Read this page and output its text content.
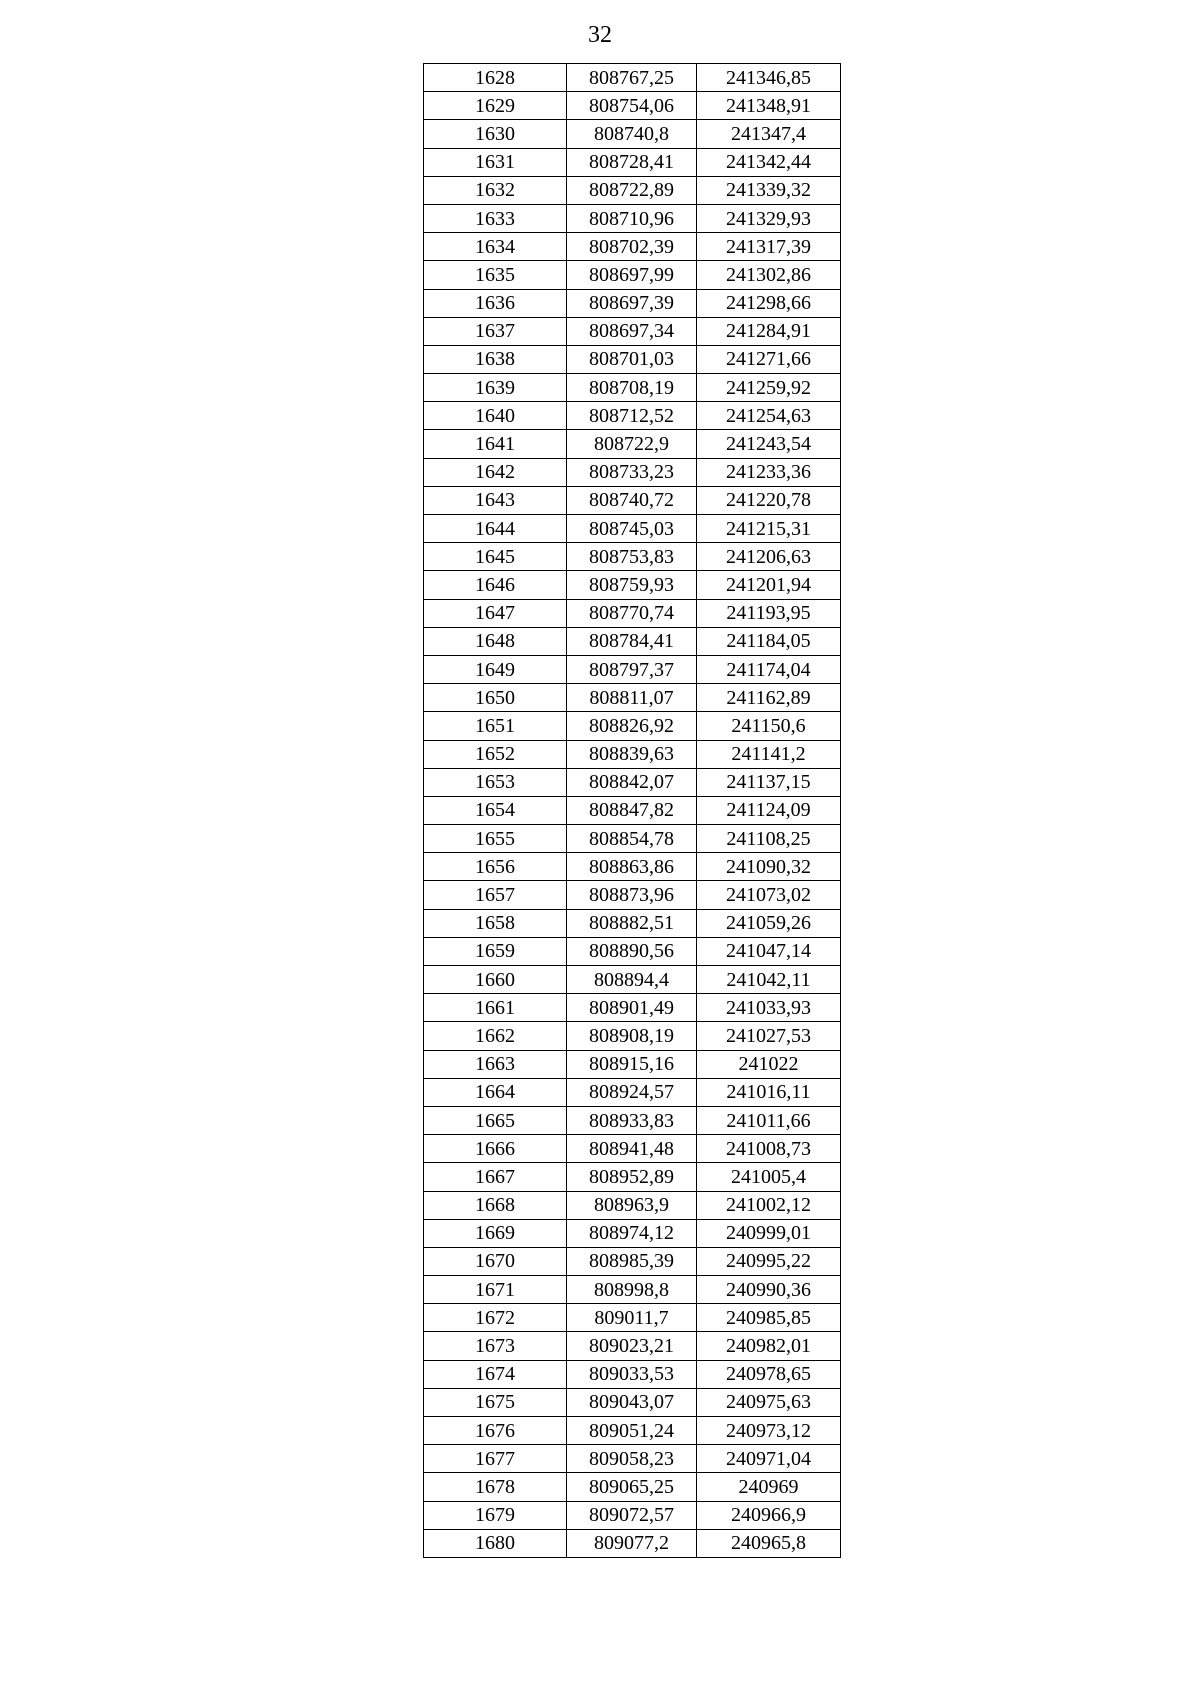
32
1628	808767,25	241346,85
1629	808754,06	241348,91
1630	808740,8	241347,4
1631	808728,41	241342,44
1632	808722,89	241339,32
1633	808710,96	241329,93
1634	808702,39	241317,39
1635	808697,99	241302,86
1636	808697,39	241298,66
1637	808697,34	241284,91
1638	808701,03	241271,66
1639	808708,19	241259,92
1640	808712,52	241254,63
1641	808722,9	241243,54
1642	808733,23	241233,36
1643	808740,72	241220,78
1644	808745,03	241215,31
1645	808753,83	241206,63
1646	808759,93	241201,94
1647	808770,74	241193,95
1648	808784,41	241184,05
1649	808797,37	241174,04
1650	808811,07	241162,89
1651	808826,92	241150,6
1652	808839,63	241141,2
1653	808842,07	241137,15
1654	808847,82	241124,09
1655	808854,78	241108,25
1656	808863,86	241090,32
1657	808873,96	241073,02
1658	808882,51	241059,26
1659	808890,56	241047,14
1660	808894,4	241042,11
1661	808901,49	241033,93
1662	808908,19	241027,53
1663	808915,16	241022
1664	808924,57	241016,11
1665	808933,83	241011,66
1666	808941,48	241008,73
1667	808952,89	241005,4
1668	808963,9	241002,12
1669	808974,12	240999,01
1670	808985,39	240995,22
1671	808998,8	240990,36
1672	809011,7	240985,85
1673	809023,21	240982,01
1674	809033,53	240978,65
1675	809043,07	240975,63
1676	809051,24	240973,12
1677	809058,23	240971,04
1678	809065,25	240969
1679	809072,57	240966,9
1680	809077,2	240965,8
